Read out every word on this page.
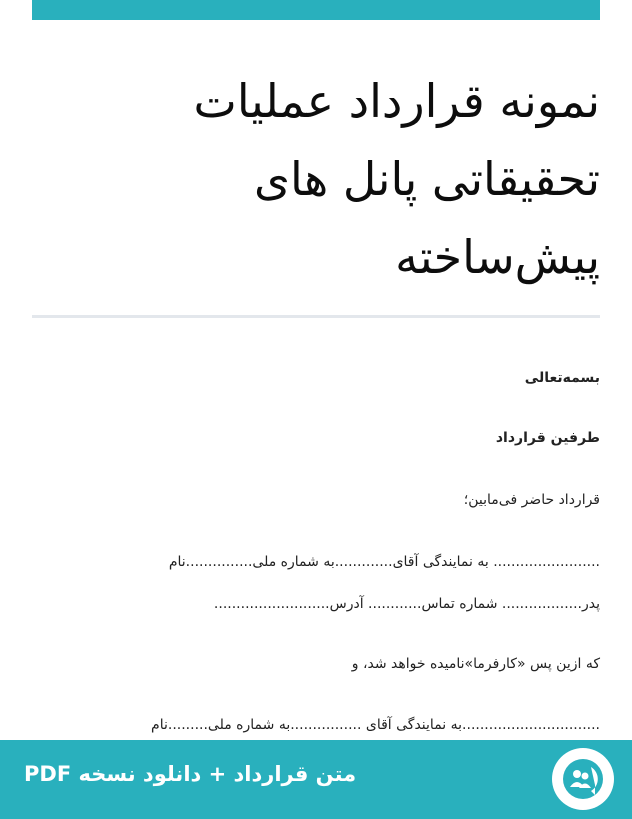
نمونه قرارداد عملیات
تحقیقاتی پانل های
پیش‌ساخته
بسمه‌تعالی
طرفین قرارداد
قرارداد حاضر فی‌مابین؛
........................ به نمایندگی آقای.............به شماره ملی...............نام
پدر.................. شماره تماس............ آدرس..........................
که ازین پس «کارفرما»نامیده خواهد شد، و
...............................به نمایندگی آقای ................به شماره ملی.........نام
متن قرارداد + دانلود نسخه PDF
